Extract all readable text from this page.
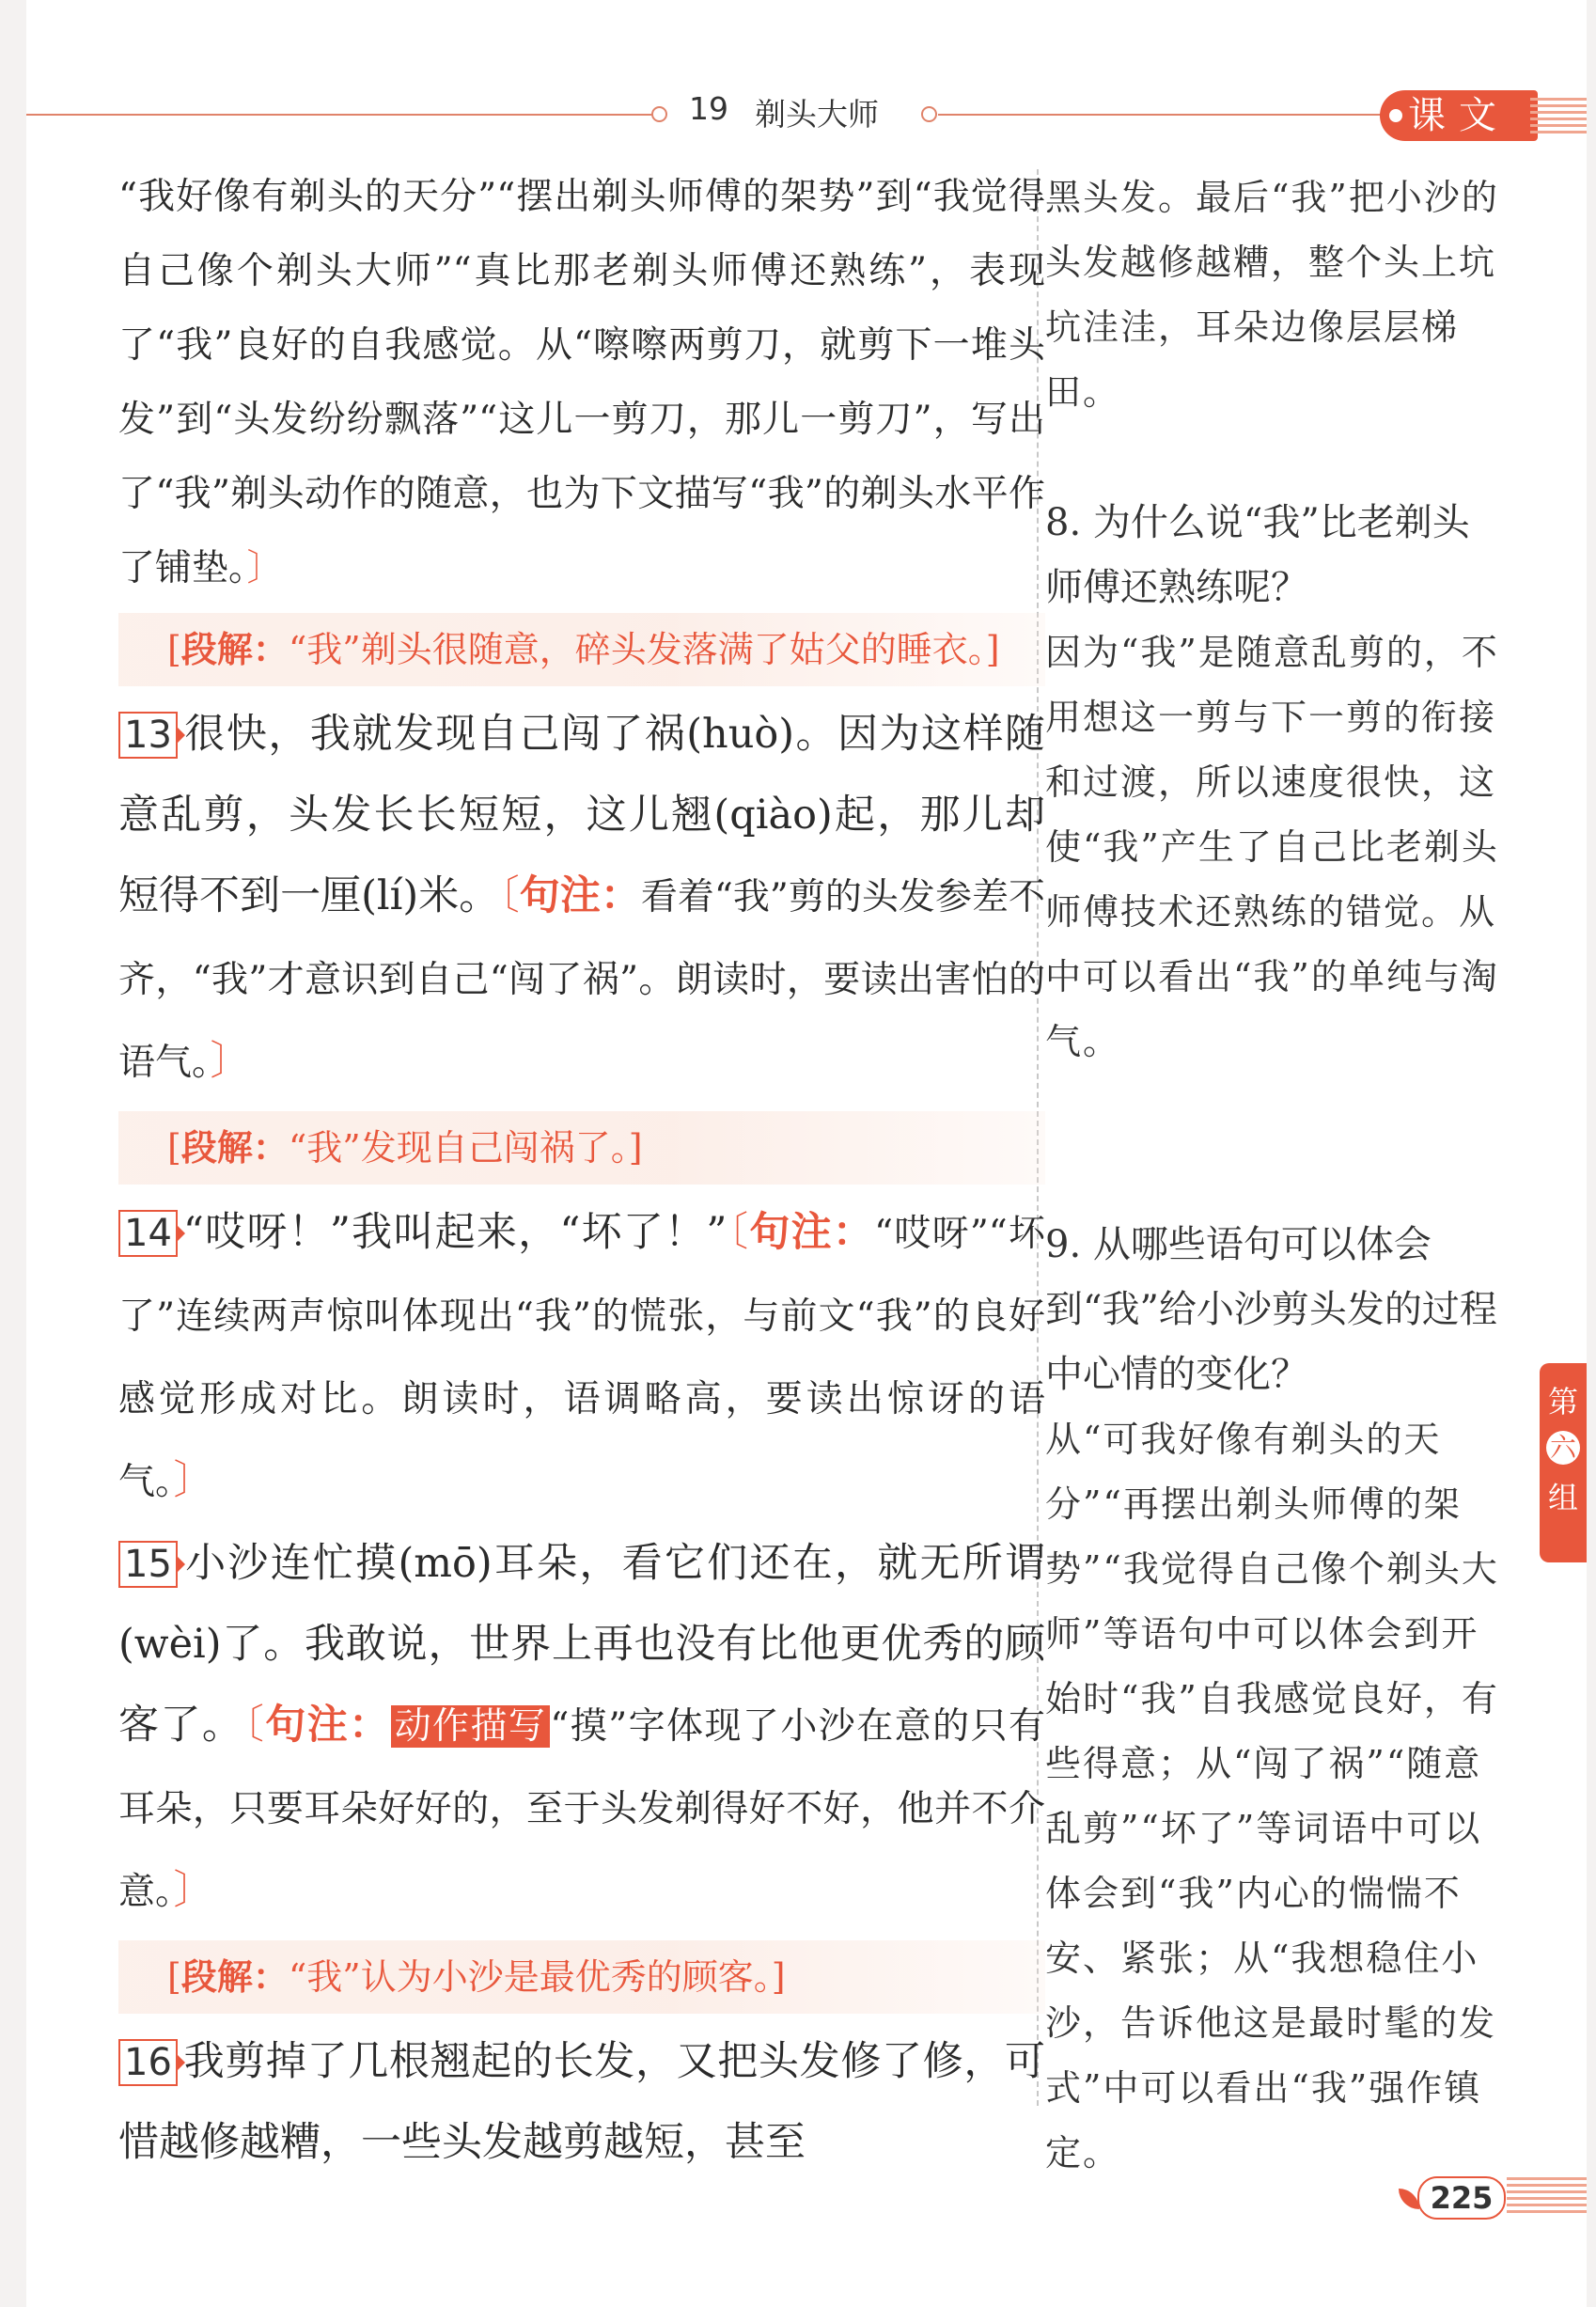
19 剃头大师	课文

“我好像有剃头的天分”“摆出剃头师傅的架势”到“我觉得自己像个剃头大师”“真比那老剃头师傅还熟练”，表现了“我”良好的自我感觉。从“嚓嚓两剪刀，就剪下一堆头发”到“头发纷纷飘落”“这儿一剪刀，那儿一剪刀”，写出了“我”剃头动作的随意，也为下文描写“我”的剃头水平作了铺垫。〕

[段解：“我”剃头很随意，碎头发落满了姑父的睡衣。]

13 很快，我就发现自己闯了祸(huò)。因为这样随意乱剪，头发长长短短，这儿翘(qiào)起，那儿却短得不到一厘(lí)米。〔句注：看着“我”剪的头发参差不齐，“我”才意识到自己“闯了祸”。朗读时，要读出害怕的语气。〕

[段解：“我”发现自己闯祸了。]

14 “哎呀！”我叫起来，“坏了！”〔句注：“哎呀”“坏了”连续两声惊叫体现出“我”的慌张，与前文“我”的良好感觉形成对比。朗读时，语调略高，要读出惊讶的语气。〕

15 小沙连忙摸(mō)耳朵，看它们还在，就无所谓(wèi)了。我敢说，世界上再也没有比他更优秀的顾客了。〔句注： 动作描写 “摸”字体现了小沙在意的只有耳朵，只要耳朵好好的，至于头发剃得好不好，他并不介意。〕

[段解：“我”认为小沙是最优秀的顾客。]

16 我剪掉了几根翘起的长发，又把头发修了修，可惜越修越糟，一些头发越剪越短，甚至

黑头发。最后“我”把小沙的头发越修越糟，整个头上坑坑洼洼，耳朵边像层层梯田。

8. 为什么说“我”比老剃头师傅还熟练呢？

因为“我”是随意乱剪的，不用想这一剪与下一剪的衔接和过渡，所以速度很快，这使“我”产生了自己比老剃头师傅技术还熟练的错觉。从中可以看出“我”的单纯与淘气。

9. 从哪些语句可以体会到“我”给小沙剪头发的过程中心情的变化？

从“可我好像有剃头的天分”“再摆出剃头师傅的架势”“我觉得自己像个剃头大师”等语句中可以体会到开始时“我”自我感觉良好，有些得意；从“闯了祸”“随意乱剪”“坏了”等词语中可以体会到“我”内心的惴惴不安、紧张；从“我想稳住小沙，告诉他这是最时髦的发式”中可以看出“我”强作镇定。

第
六
组
225
